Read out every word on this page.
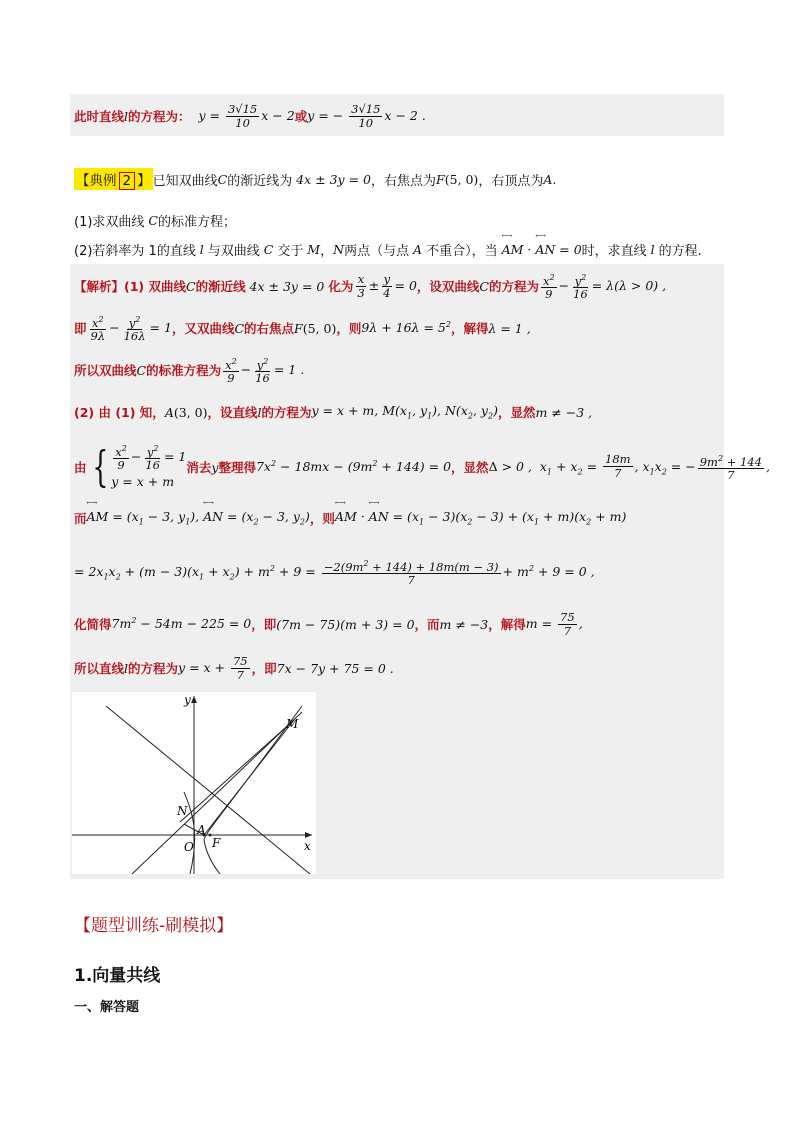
此时直线 l 的方程为： $y = \frac{3√15}{10}$ x − 2 或 y = − $\frac{3√15}{10}$ x − 2 .
【典例 2 】 已知双曲线 C 的渐近线为 4x ± 3y = 0 ，右焦点为 F(5, 0) ，右顶点为 A.
(1)求双曲线 C 的标准方程；
(2)若斜率为 1的直线 l 与双曲线 C 交于 M ， N 两点（与点 A 不重合），当 ←→ AM · ←→ AN = 0 时，求直线 l 的方程.
【解析】(1) 双曲线 C 的渐近线 4x ± 3y = 0 化为 $\frac{x}{3} \pm \frac{y}{4} = 0$ ，设双曲线 C 的方程为 $\frac{x^2}{9} - \frac{y^2}{16} = \lambda(\lambda > 0)$ ,
即 $\frac{x^2}{9\lambda} - \frac{y^2}{16\lambda} = 1$ ，又双曲线 C 的右焦点 F(5, 0) ，则 $9\lambda + 16\lambda = 5^2$ ，解得 λ = 1 ,
所以双曲线 C 的标准方程为 $\frac{x^2}{9} - \frac{y^2}{16} = 1$ .
(2) 由 (1) 知， A(3, 0) ，设直线 l 的方程为 y = x + m, $M(x_1$, $y_1$), $N(x_2$, $y_2$) ，显然 m ≠ −3 ,
由 { $\frac{x^2}{9} - \frac{y^2}{16} = 1$
y = x + m
消去 y 整理得 $7x^2 - 18mx - (9m^2 + 144) = 0$ ，显然 Δ > 0 ,  $x_1 + x_2 = \frac{18m}{7}$ , $x_1x_2$ = − $\frac{9m^2 + 144}{7}$ ,
而 ←→ AM = ($x_1 - 3$, $y_1$), ←→ AN = ($x_2 - 3$, $y_2$) ，则 ←→ AM · ←→ AN = $(x_1 - 3)(x_2 - 3) + (x_1 + m)(x_2 + m)$
= $2x_1x_2 + (m - 3)(x_1 + x_2) + m^2 + 9 = \frac{-2(9m^2 + 144) + 18m(m - 3)}{7} + m^2 + 9 = 0$ ,
化简得 $7m^2 - 54m - 225 = 0$ ，即 (7m − 75)(m + 3) = 0 ，而 m ≠ −3 ，解得 $m = \frac{75}{7}$ ,
所以直线 l 的方程为 $y = x + \frac{75}{7}$ ，即 7x − 7y + 75 = 0 .
y
x
M
N
A
O F
【题型训练-刷模拟】
1.向量共线
一、解答题
